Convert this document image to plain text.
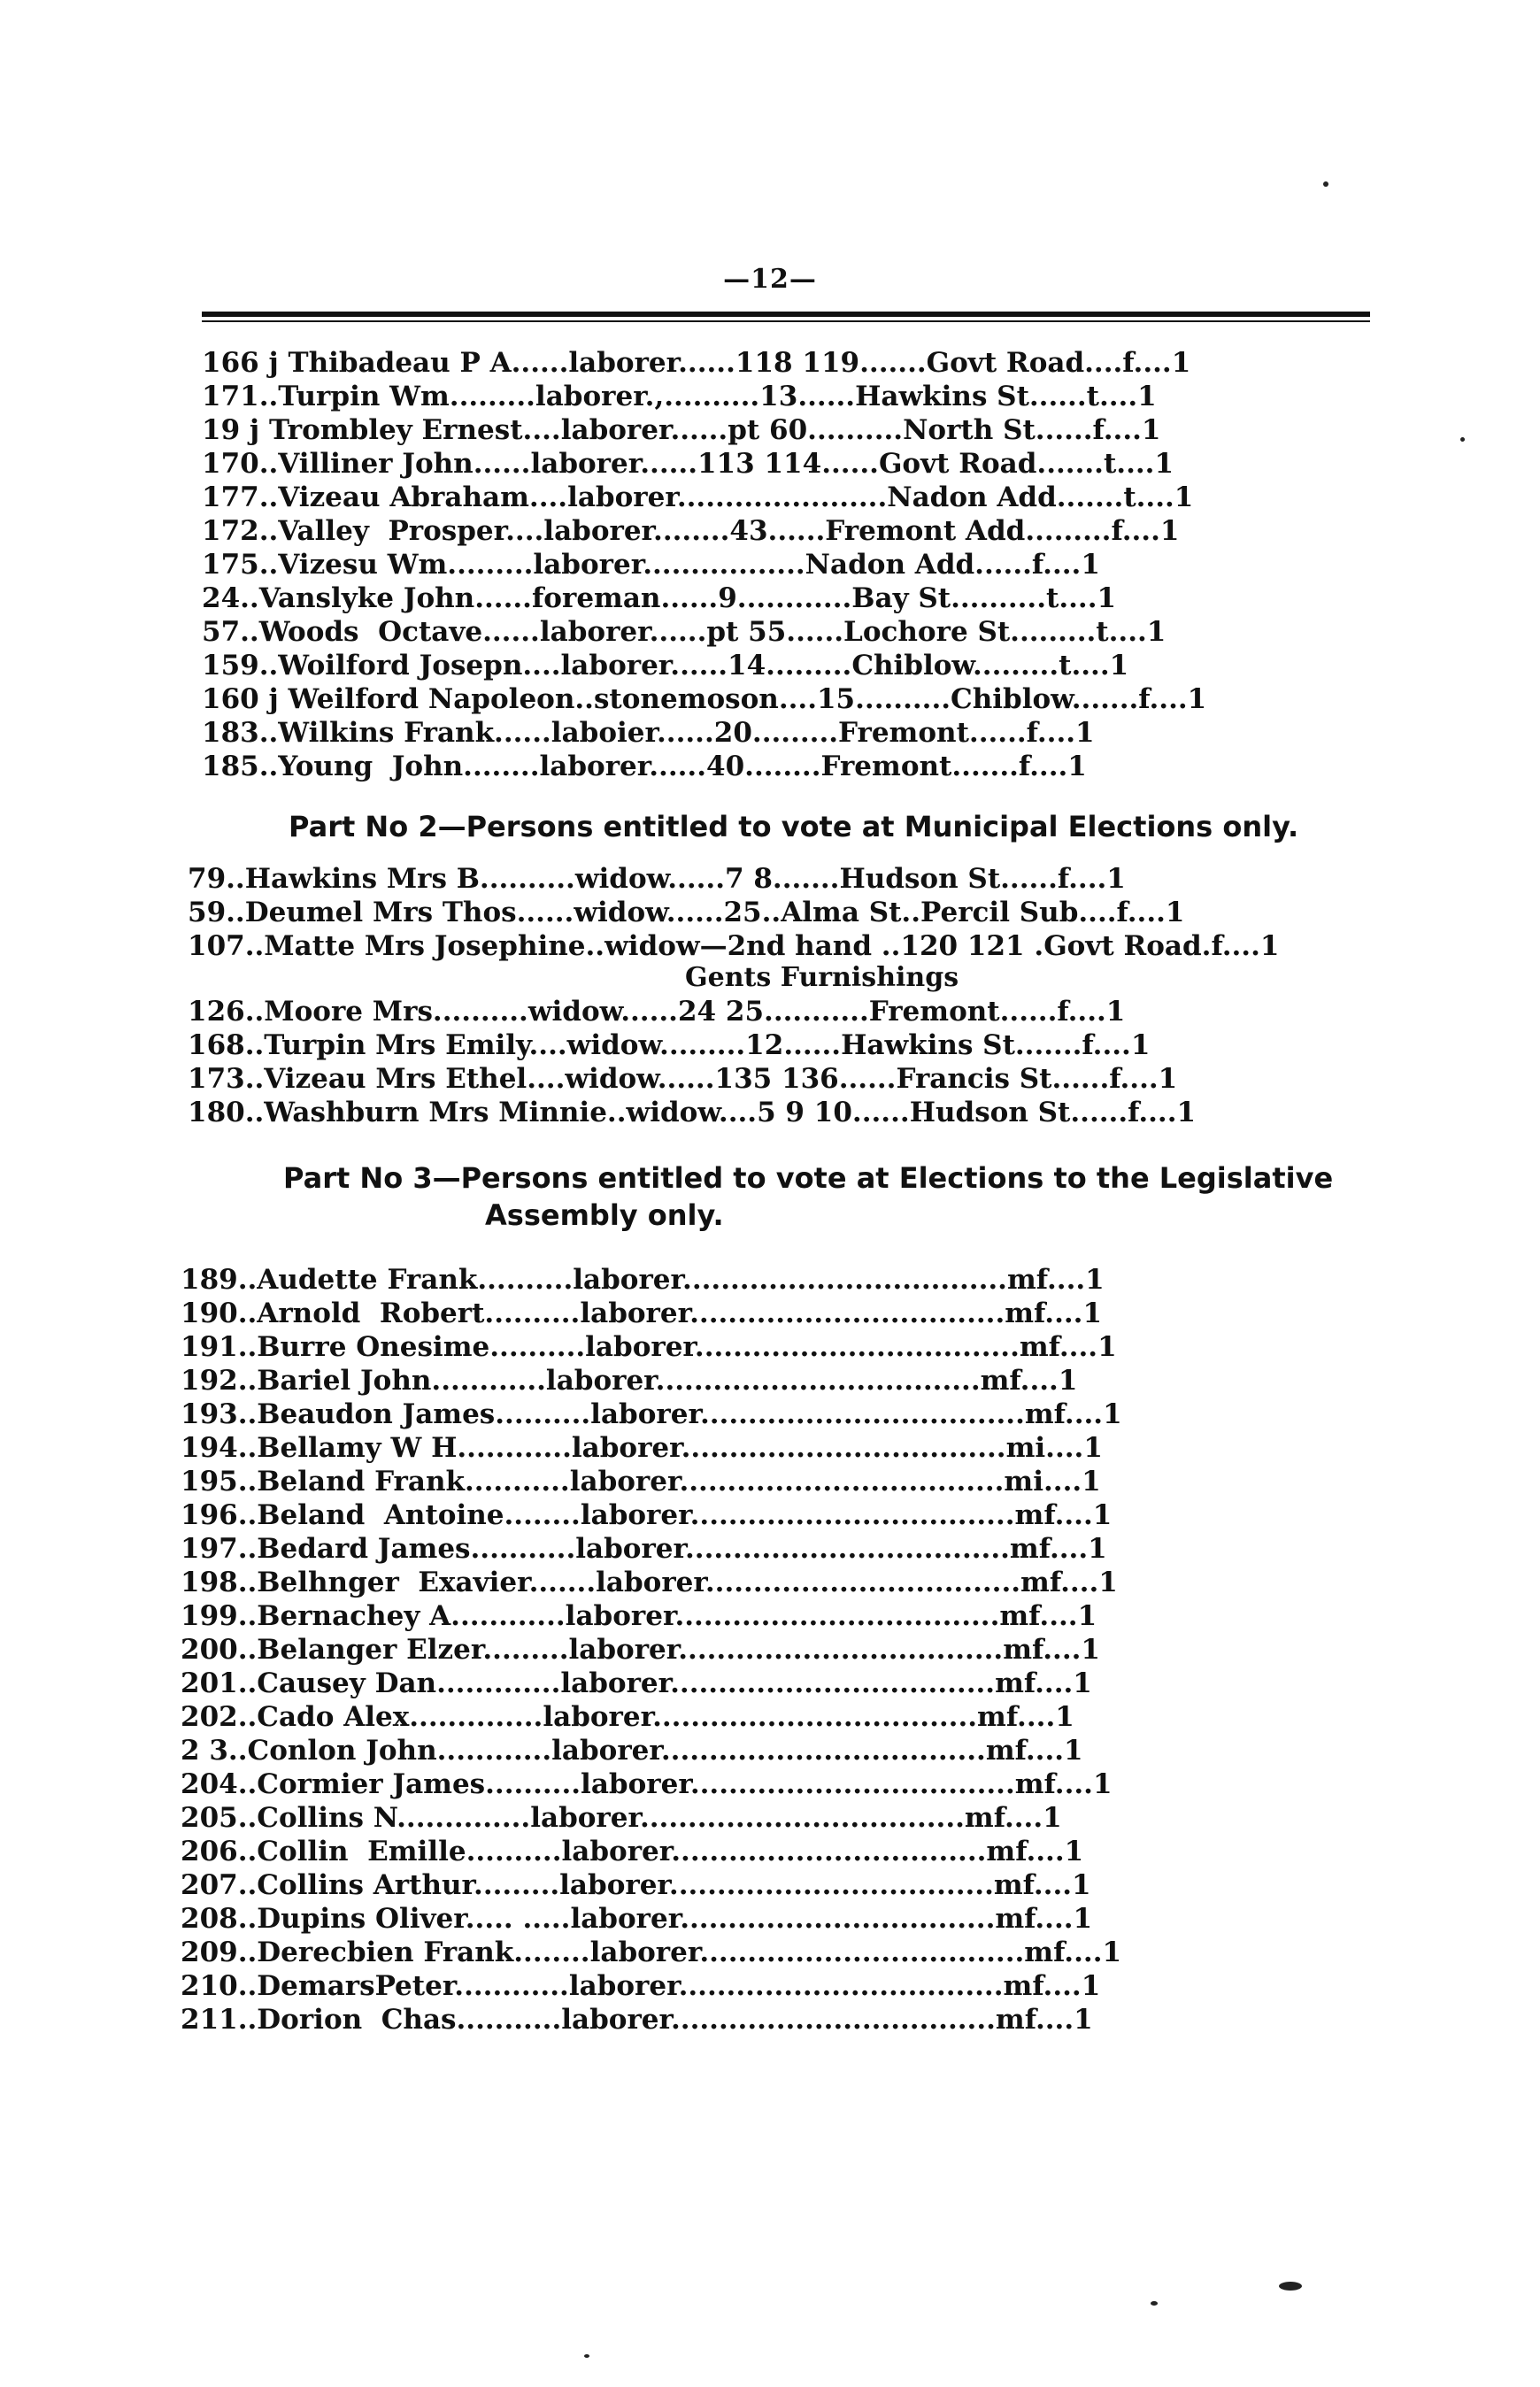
—12—
166 j Thibadeau P A......laborer......118 119.......Govt Road....f....1
171..Turpin Wm.........laborer.,..........13......Hawkins St......t....1
19 j Trombley Ernest....laborer......pt 60..........North St......f....1
170..Villiner John......laborer......113 114......Govt Road.......t....1
177..Vizeau Abraham....laborer......................Nadon Add.......t....1
172..Valley  Prosper....laborer........43......Fremont Add.........f....1
175..Vizesu Wm.........laborer.................Nadon Add......f....1
24..Vanslyke John......foreman......9............Bay St..........t....1
57..Woods  Octave......laborer......pt 55......Lochore St.........t....1
159..Woilford Josepn....laborer......14.........Chiblow.........t....1
160 j Weilford Napoleon..stonemoson....15..........Chiblow.......f....1
183..Wilkins Frank......laboier......20.........Fremont......f....1
185..Young  John........laborer......40........Fremont.......f....1
Part No 2—Persons entitled to vote at Municipal Elections only.
79..Hawkins Mrs B..........widow......7 8.......Hudson St......f....1
59..Deumel Mrs Thos......widow......25..Alma St..Percil Sub....f....1
107..Matte Mrs Josephine..widow—2nd hand ..120 121 .Govt Road.f....1
Gents Furnishings
126..Moore Mrs..........widow......24 25...........Fremont......f....1
168..Turpin Mrs Emily....widow.........12......Hawkins St.......f....1
173..Vizeau Mrs Ethel....widow......135 136......Francis St......f....1
180..Washburn Mrs Minnie..widow....5 9 10......Hudson St......f....1
Part No 3—Persons entitled to vote at Elections to the Legislative
Assembly only.
189..Audette Frank..........laborer..................................mf....1
190..Arnold  Robert..........laborer.................................mf....1
191..Burre Onesime..........laborer..................................mf....1
192..Bariel John............laborer..................................mf....1
193..Beaudon James..........laborer..................................mf....1
194..Bellamy W H............laborer..................................mi....1
195..Beland Frank...........laborer..................................mi....1
196..Beland  Antoine........laborer..................................mf....1
197..Bedard James...........laborer..................................mf....1
198..Belhnger  Exavier.......laborer.................................mf....1
199..Bernachey A............laborer..................................mf....1
200..Belanger Elzer.........laborer..................................mf....1
201..Causey Dan.............laborer..................................mf....1
202..Cado Alex..............laborer..................................mf....1
2 3..Conlon John............laborer..................................mf....1
204..Cormier James..........laborer..................................mf....1
205..Collins N..............laborer..................................mf....1
206..Collin  Emille..........laborer.................................mf....1
207..Collins Arthur.........laborer..................................mf....1
208..Dupins Oliver..... .....laborer.................................mf....1
209..Derecbien Frank........laborer..................................mf....1
210..DemarsPeter............laborer..................................mf....1
211..Dorion  Chas...........laborer..................................mf....1
